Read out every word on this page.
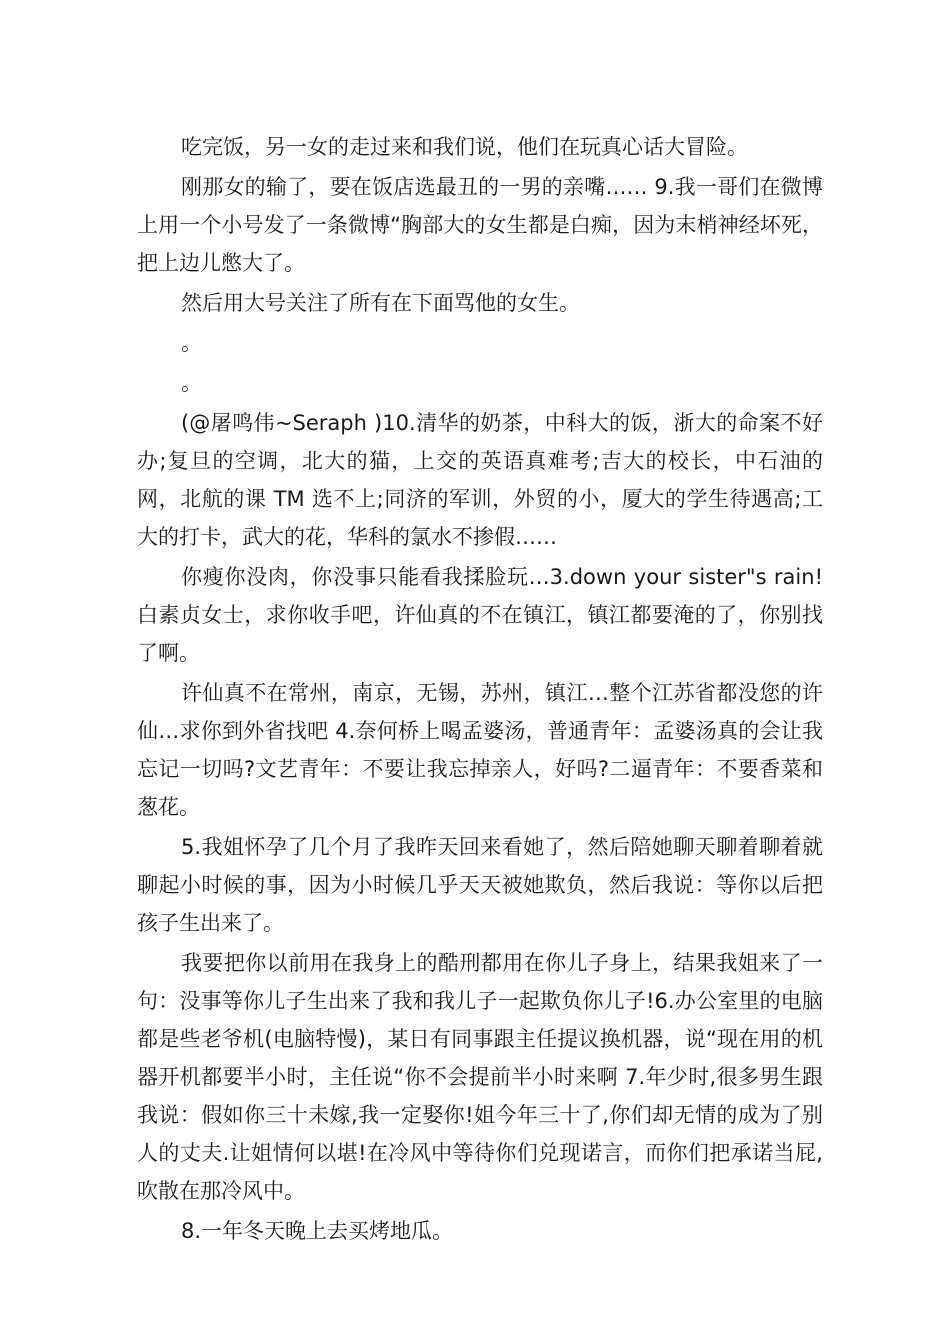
吃完饭，另一女的走过来和我们说，他们在玩真心话大冒险。

刚那女的输了，要在饭店选最丑的一男的亲嘴…… 9.我一哥们在微博上用一个小号发了一条微博“胸部大的女生都是白痴，因为末梢神经坏死，把上边儿憋大了。

然后用大号关注了所有在下面骂他的女生。

。

。

(@屠鸣伟~Seraph )10.清华的奶茶，中科大的饭，浙大的命案不好办;复旦的空调，北大的猫，上交的英语真难考;吉大的校长，中石油的网，北航的课 TM 选不上;同济的军训，外贸的小，厦大的学生待遇高;工大的打卡，武大的花，华科的氯水不掺假……

你瘦你没肉，你没事只能看我揉脸玩…3.down your sister"s rain!白素贞女士，求你收手吧，许仙真的不在镇江，镇江都要淹的了，你别找了啊。

许仙真不在常州，南京，无锡，苏州，镇江…整个江苏省都没您的许仙…求你到外省找吧 4.奈何桥上喝孟婆汤，普通青年：孟婆汤真的会让我忘记一切吗?文艺青年：不要让我忘掉亲人，好吗?二逼青年：不要香菜和葱花。

5.我姐怀孕了几个月了我昨天回来看她了，然后陪她聊天聊着聊着就聊起小时候的事，因为小时候几乎天天被她欺负，然后我说：等你以后把孩子生出来了。

我要把你以前用在我身上的酷刑都用在你儿子身上，结果我姐来了一句：没事等你儿子生出来了我和我儿子一起欺负你儿子!6.办公室里的电脑都是些老爷机(电脑特慢)，某日有同事跟主任提议换机器，说“现在用的机器开机都要半小时，主任说“你不会提前半小时来啊 7.年少时,很多男生跟我说：假如你三十未嫁,我一定娶你!姐今年三十了,你们却无情的成为了别人的丈夫.让姐情何以堪!在冷风中等待你们兑现诺言，而你们把承诺当屁,吹散在那冷风中。

8.一年冬天晚上去买烤地瓜。
